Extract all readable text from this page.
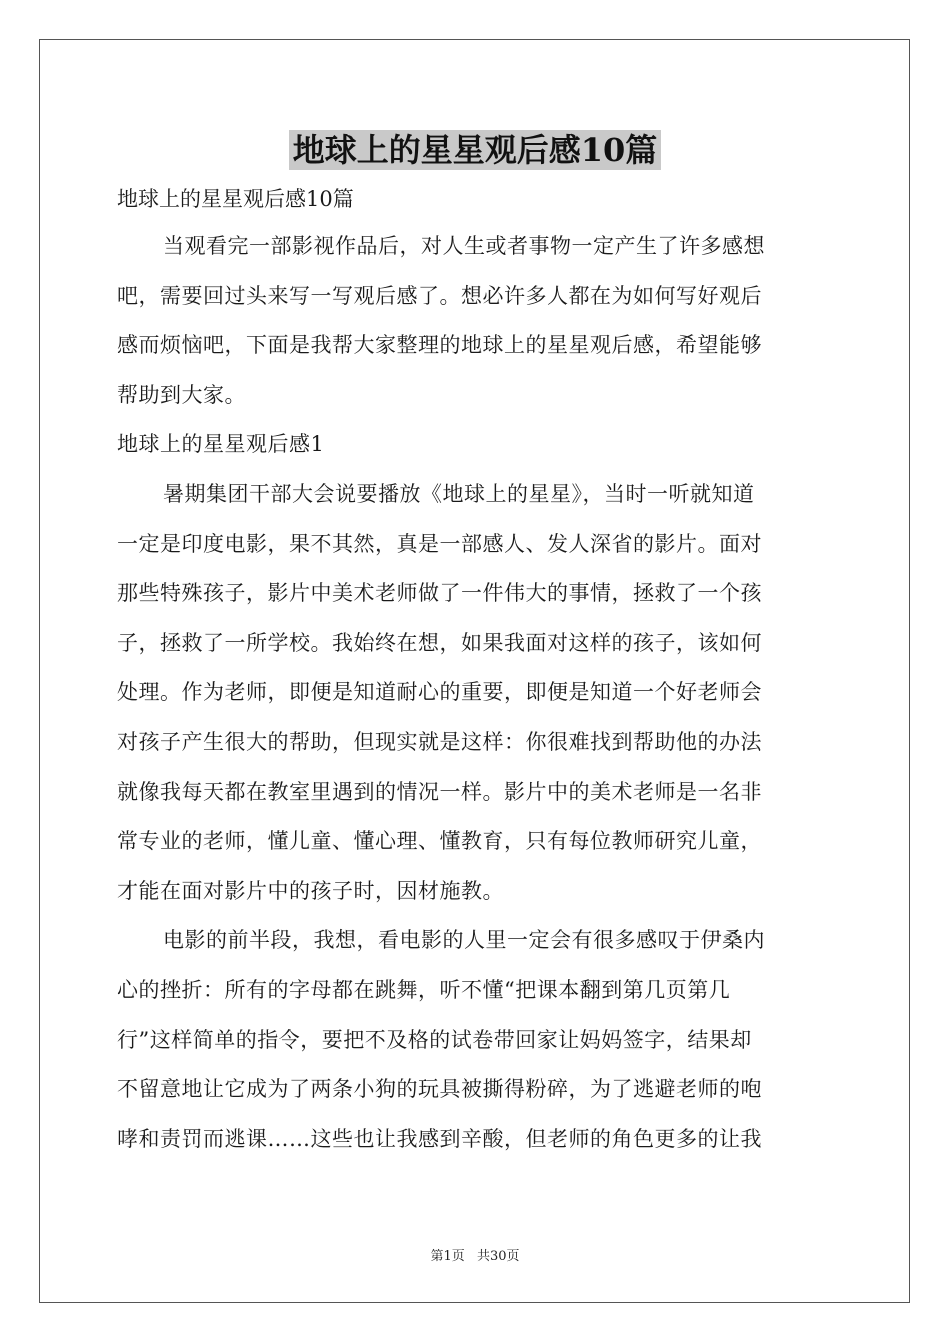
地球上的星星观后感10篇
地球上的星星观后感10篇
当观看完一部影视作品后，对人生或者事物一定产生了许多感想
吧，需要回过头来写一写观后感了。想必许多人都在为如何写好观后
感而烦恼吧，下面是我帮大家整理的地球上的星星观后感，希望能够
帮助到大家。
地球上的星星观后感1
暑期集团干部大会说要播放《地球上的星星》，当时一听就知道
一定是印度电影，果不其然，真是一部感人、发人深省的影片。面对
那些特殊孩子，影片中美术老师做了一件伟大的事情，拯救了一个孩
子，拯救了一所学校。我始终在想，如果我面对这样的孩子，该如何
处理。作为老师，即便是知道耐心的重要，即便是知道一个好老师会
对孩子产生很大的帮助，但现实就是这样：你很难找到帮助他的办法
就像我每天都在教室里遇到的情况一样。影片中的美术老师是一名非
常专业的老师，懂儿童、懂心理、懂教育，只有每位教师研究儿童，
才能在面对影片中的孩子时，因材施教。
电影的前半段，我想，看电影的人里一定会有很多感叹于伊桑内
心的挫折：所有的字母都在跳舞，听不懂“把课本翻到第几页第几
行”这样简单的指令，要把不及格的试卷带回家让妈妈签字，结果却
不留意地让它成为了两条小狗的玩具被撕得粉碎，为了逃避老师的咆
哮和责罚而逃课……这些也让我感到辛酸，但老师的角色更多的让我
第1页 共30页
